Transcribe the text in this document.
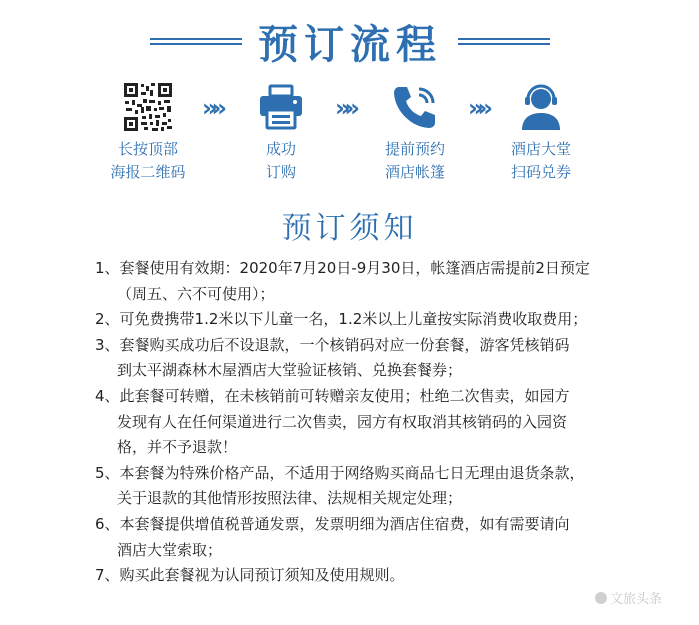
预订流程
长按顶部
海报二维码
»»
成功
订购
»»
提前预约
酒店帐篷
»»
酒店大堂
扫码兑券
预订须知

1、套餐使用有效期：2020年7月20日-9月30日，帐篷酒店需提前2日预定
（周五、六不可使用）；

2、可免费携带1.2米以下儿童一名，1.2米以上儿童按实际消费收取费用；

3、套餐购买成功后不设退款，一个核销码对应一份套餐，游客凭核销码
到太平湖森林木屋酒店大堂验证核销、兑换套餐券；

4、此套餐可转赠，在未核销前可转赠亲友使用；杜绝二次售卖，如园方
发现有人在任何渠道进行二次售卖，园方有权取消其核销码的入园资
格，并不予退款！

5、本套餐为特殊价格产品，不适用于网络购买商品七日无理由退货条款，
关于退款的其他情形按照法律、法规相关规定处理；

6、本套餐提供增值税普通发票，发票明细为酒店住宿费，如有需要请向
酒店大堂索取；

7、购买此套餐视为认同预订须知及使用规则。

文旅头条
